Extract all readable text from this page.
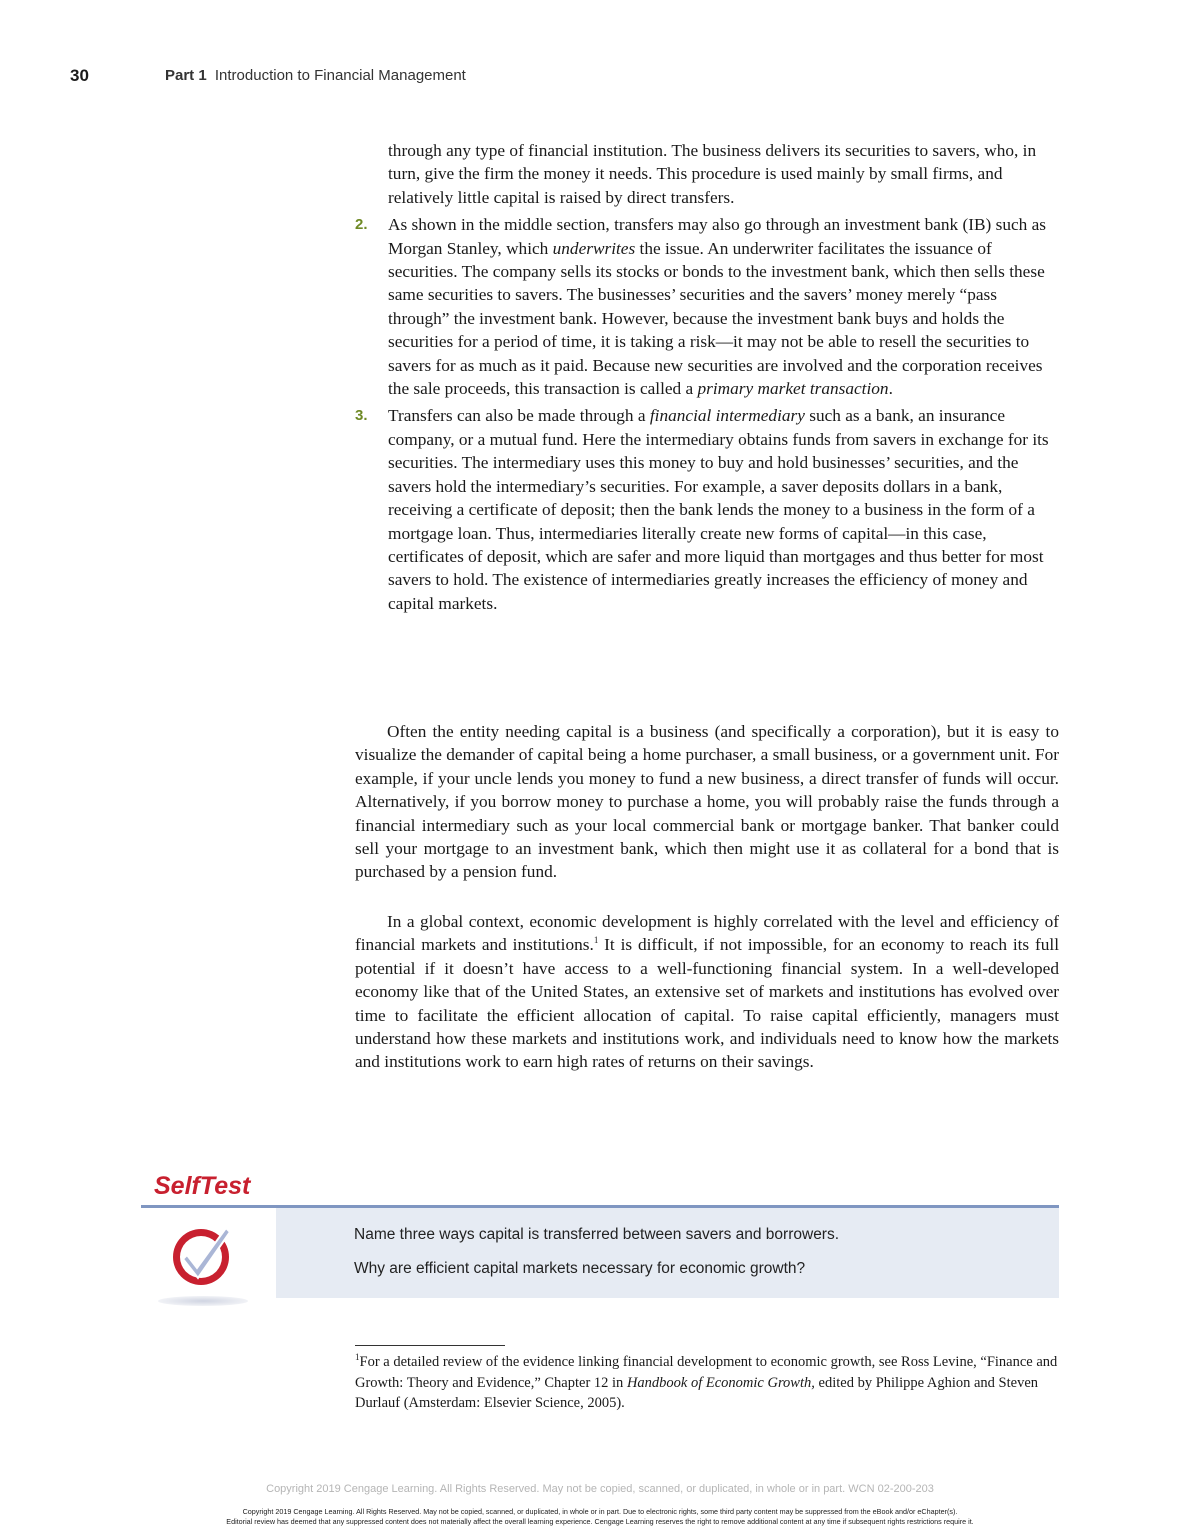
30	Part 1 Introduction to Financial Management
through any type of financial institution. The business delivers its securities to savers, who, in turn, give the firm the money it needs. This procedure is used mainly by small firms, and relatively little capital is raised by direct transfers.
2. As shown in the middle section, transfers may also go through an investment bank (IB) such as Morgan Stanley, which underwrites the issue. An underwriter facilitates the issuance of securities. The company sells its stocks or bonds to the investment bank, which then sells these same securities to savers. The businesses’ securities and the savers’ money merely “pass through” the investment bank. However, because the investment bank buys and holds the securities for a period of time, it is taking a risk—it may not be able to resell the securities to savers for as much as it paid. Because new securities are involved and the corporation receives the sale proceeds, this transaction is called a primary market transaction.
3. Transfers can also be made through a financial intermediary such as a bank, an insurance company, or a mutual fund. Here the intermediary obtains funds from savers in exchange for its securities. The intermediary uses this money to buy and hold businesses’ securities, and the savers hold the intermediary’s securities. For example, a saver deposits dollars in a bank, receiving a certificate of deposit; then the bank lends the money to a business in the form of a mortgage loan. Thus, intermediaries literally create new forms of capital—in this case, certificates of deposit, which are safer and more liquid than mortgages and thus better for most savers to hold. The existence of intermediaries greatly increases the efficiency of money and capital markets.

Often the entity needing capital is a business (and specifically a corporation), but it is easy to visualize the demander of capital being a home purchaser, a small business, or a government unit. For example, if your uncle lends you money to fund a new business, a direct transfer of funds will occur. Alternatively, if you borrow money to purchase a home, you will probably raise the funds through a financial intermediary such as your local commercial bank or mortgage banker. That banker could sell your mortgage to an investment bank, which then might use it as collateral for a bond that is purchased by a pension fund.

In a global context, economic development is highly correlated with the level and efficiency of financial markets and institutions.$^1$ It is difficult, if not impossible, for an economy to reach its full potential if it doesn’t have access to a well-functioning financial system. In a well-developed economy like that of the United States, an extensive set of markets and institutions has evolved over time to facilitate the efficient allocation of capital. To raise capital efficiently, managers must understand how these markets and institutions work, and individuals need to know how the markets and institutions work to earn high rates of returns on their savings.

SelfTest
Name three ways capital is transferred between savers and borrowers.
Why are efficient capital markets necessary for economic growth?
$^1$For a detailed review of the evidence linking financial development to economic growth, see Ross Levine, “Finance and Growth: Theory and Evidence,” Chapter 12 in Handbook of Economic Growth, edited by Philippe Aghion and Steven Durlauf (Amsterdam: Elsevier Science, 2005).
Copyright 2019 Cengage Learning. All Rights Reserved. May not be copied, scanned, or duplicated, in whole or in part. WCN 02-200-203
Copyright 2019 Cengage Learning. All Rights Reserved. May not be copied, scanned, or duplicated, in whole or in part. Due to electronic rights, some third party content may be suppressed from the eBook and/or eChapter(s).
Editorial review has deemed that any suppressed content does not materially affect the overall learning experience. Cengage Learning reserves the right to remove additional content at any time if subsequent rights restrictions require it.
